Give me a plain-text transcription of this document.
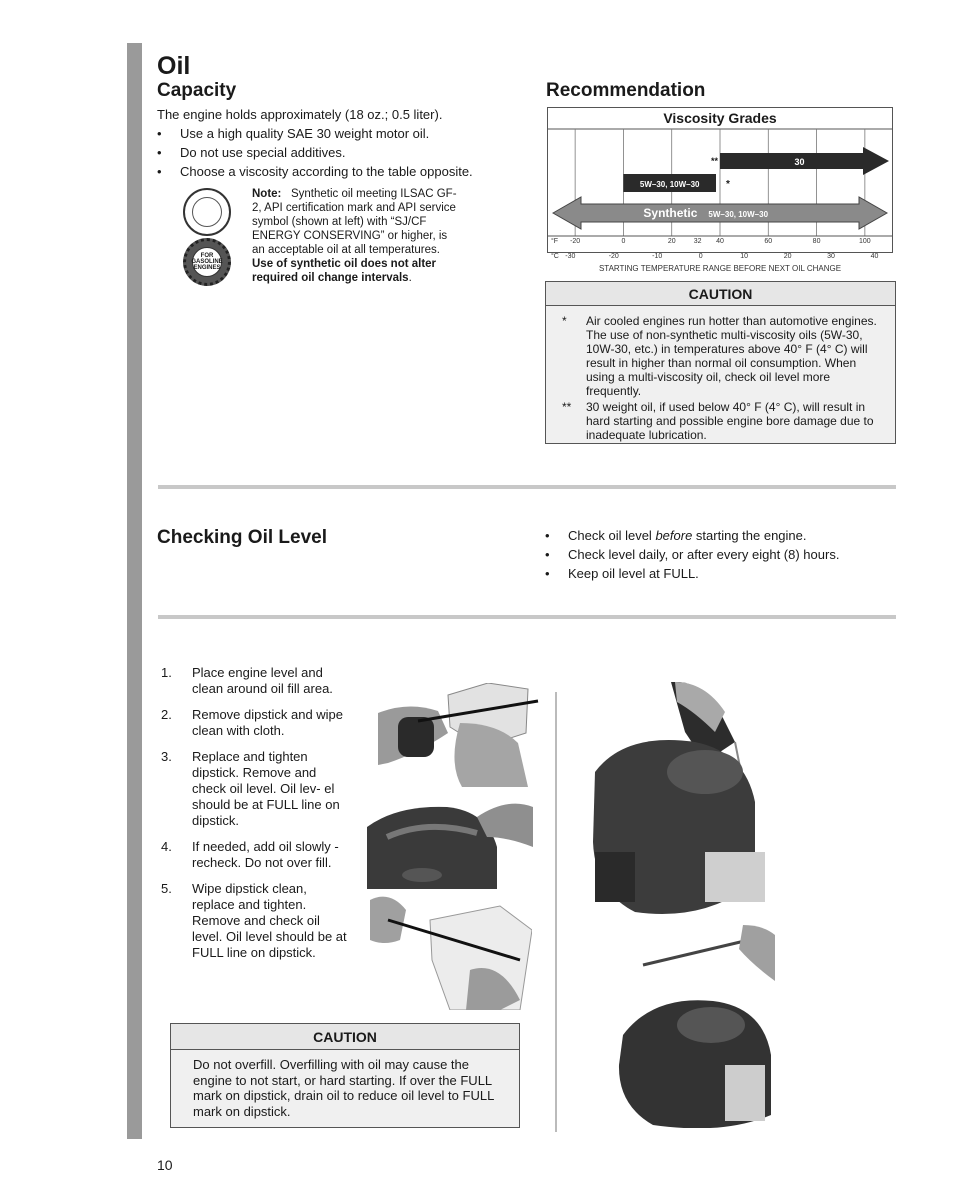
Oil
Capacity
The engine holds approximately (18 oz.; 0.5 liter).
• Use a high quality SAE 30 weight motor oil.
• Do not use special additives.
• Choose a viscosity according to the table opposite.
FOR GASOLINE ENGINES
Note: Synthetic oil meeting ILSAC GF-2, API certification mark and API service symbol (shown at left) with “SJ/CF ENERGY CONSERVING” or higher, is an acceptable oil at all temperatures. Use of synthetic oil does not alter required oil change intervals.
Recommendation
Viscosity Grades
30
**
5W–30, 10W–30	*
Synthetic 5W–30, 10W–30
-20	0	20	32 40	60	80	100
-30	-20	-10	0	10	20	30	40
°F
°C
STARTING TEMPERATURE RANGE BEFORE NEXT OIL CHANGE
CAUTION
* Air cooled engines run hotter than automotive engines. The use of non-synthetic multi-viscosity oils (5W-30, 10W-30, etc.) in temperatures above 40° F (4° C) will result in higher than normal oil consumption. When using a multi-viscosity oil, check oil level more frequently.
** 30 weight oil, if used below 40° F (4° C), will result in hard starting and possible engine bore damage due to inadequate lubrication.
Checking Oil Level
•	Check oil level before starting the engine.
• Check level daily, or after every eight (8) hours.
• Keep oil level at FULL.
1. Place engine level and clean around oil fill area.
2. Remove dipstick and wipe clean with cloth.
3. Replace and tighten dipstick. Remove and check oil level. Oil lev- el should be at FULL line on dipstick.
4. If needed, add oil slowly - recheck. Do not over fill.
5. Wipe dipstick clean, replace and tighten. Remove and check oil level. Oil level should be at FULL line on dipstick.
CAUTION
Do not overfill. Overfilling with oil may cause the engine to not start, or hard starting. If over the FULL mark on dipstick, drain oil to reduce oil level to FULL mark on dipstick.
10
